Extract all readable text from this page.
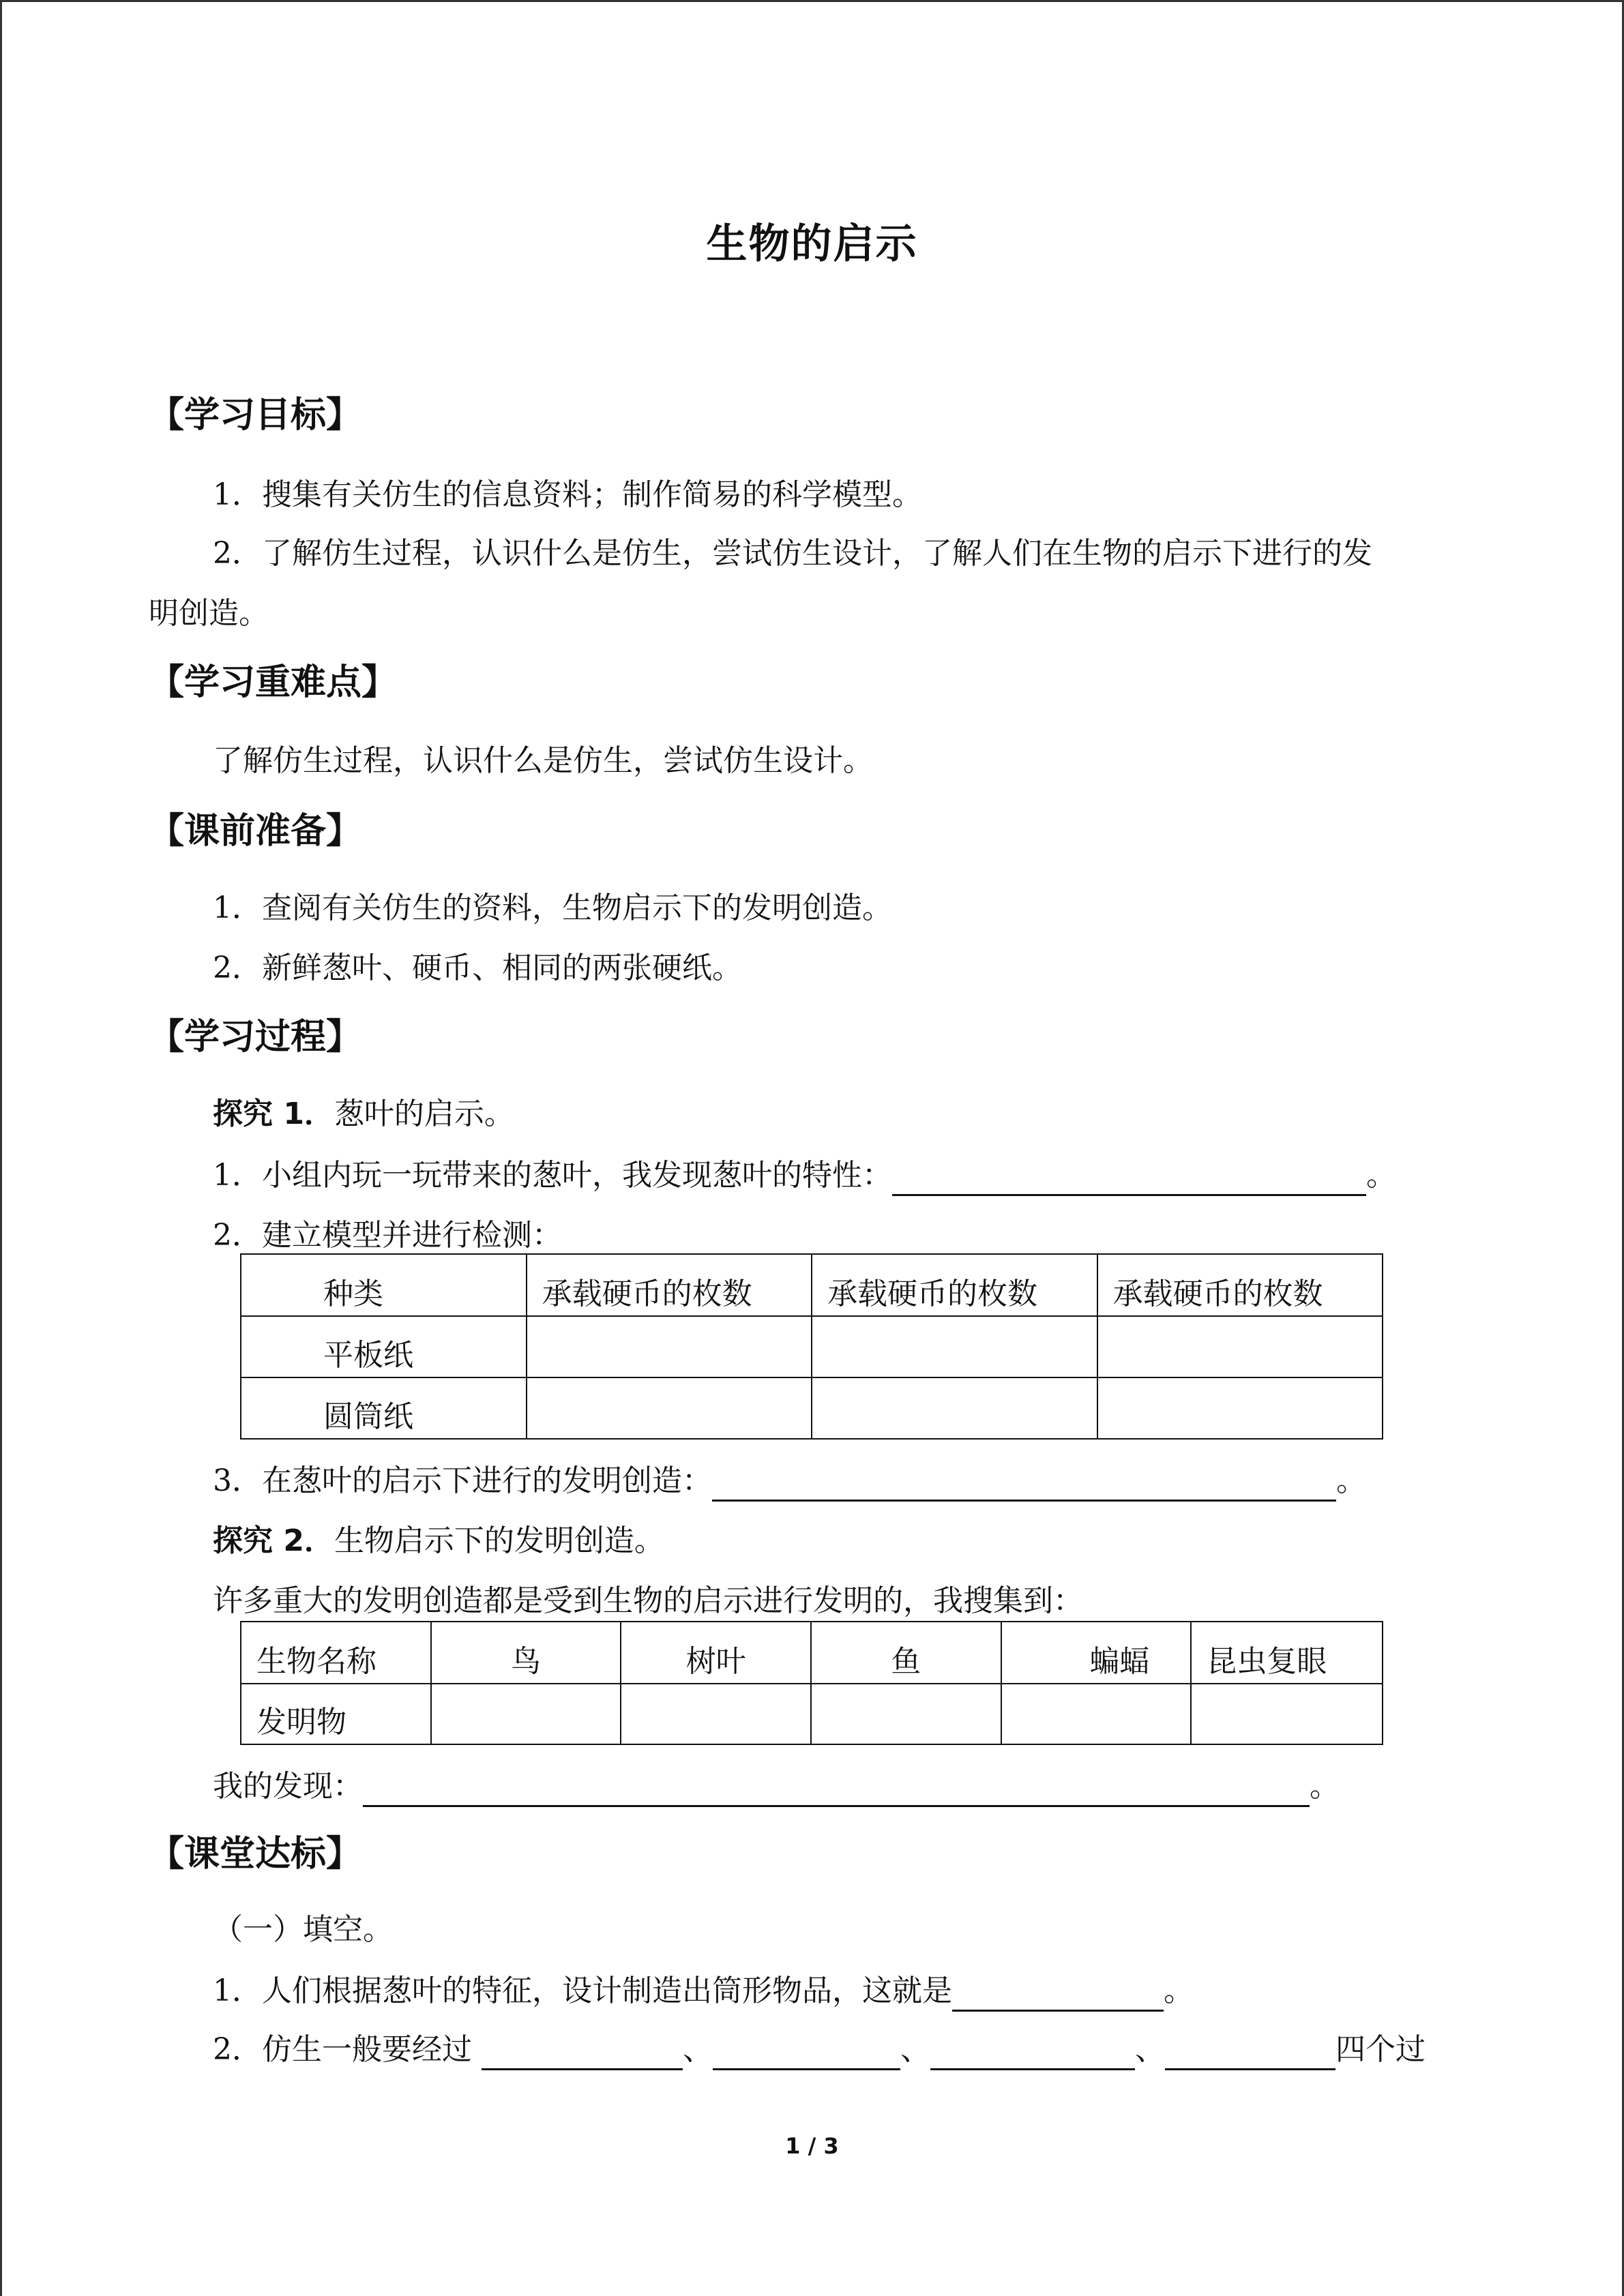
生物的启示
【学习目标】
1．搜集有关仿生的信息资料；制作简易的科学模型。
2．了解仿生过程，认识什么是仿生，尝试仿生设计，了解人们在生物的启示下进行的发
明创造。
【学习重难点】
了解仿生过程，认识什么是仿生，尝试仿生设计。
【课前准备】
1．查阅有关仿生的资料，生物启示下的发明创造。
2．新鲜葱叶、硬币、相同的两张硬纸。
【学习过程】
探究 1．葱叶的启示。
1．小组内玩一玩带来的葱叶，我发现葱叶的特性：	。
2．建立模型并进行检测：
种类	承载硬币的枚数	承载硬币的枚数	承载硬币的枚数

平板纸			

圆筒纸			

3．在葱叶的启示下进行的发明创造：	。
探究 2．生物启示下的发明创造。
许多重大的发明创造都是受到生物的启示进行发明的，我搜集到：
生物名称	鸟	树叶	鱼	蝙蝠	昆虫复眼

发明物					

我的发现：	。
【课堂达标】
（一）填空。
1．人们根据葱叶的特征，设计制造出筒形物品，这就是	。
2．仿生一般要经过	、	、	、	四个过
1 / 3
